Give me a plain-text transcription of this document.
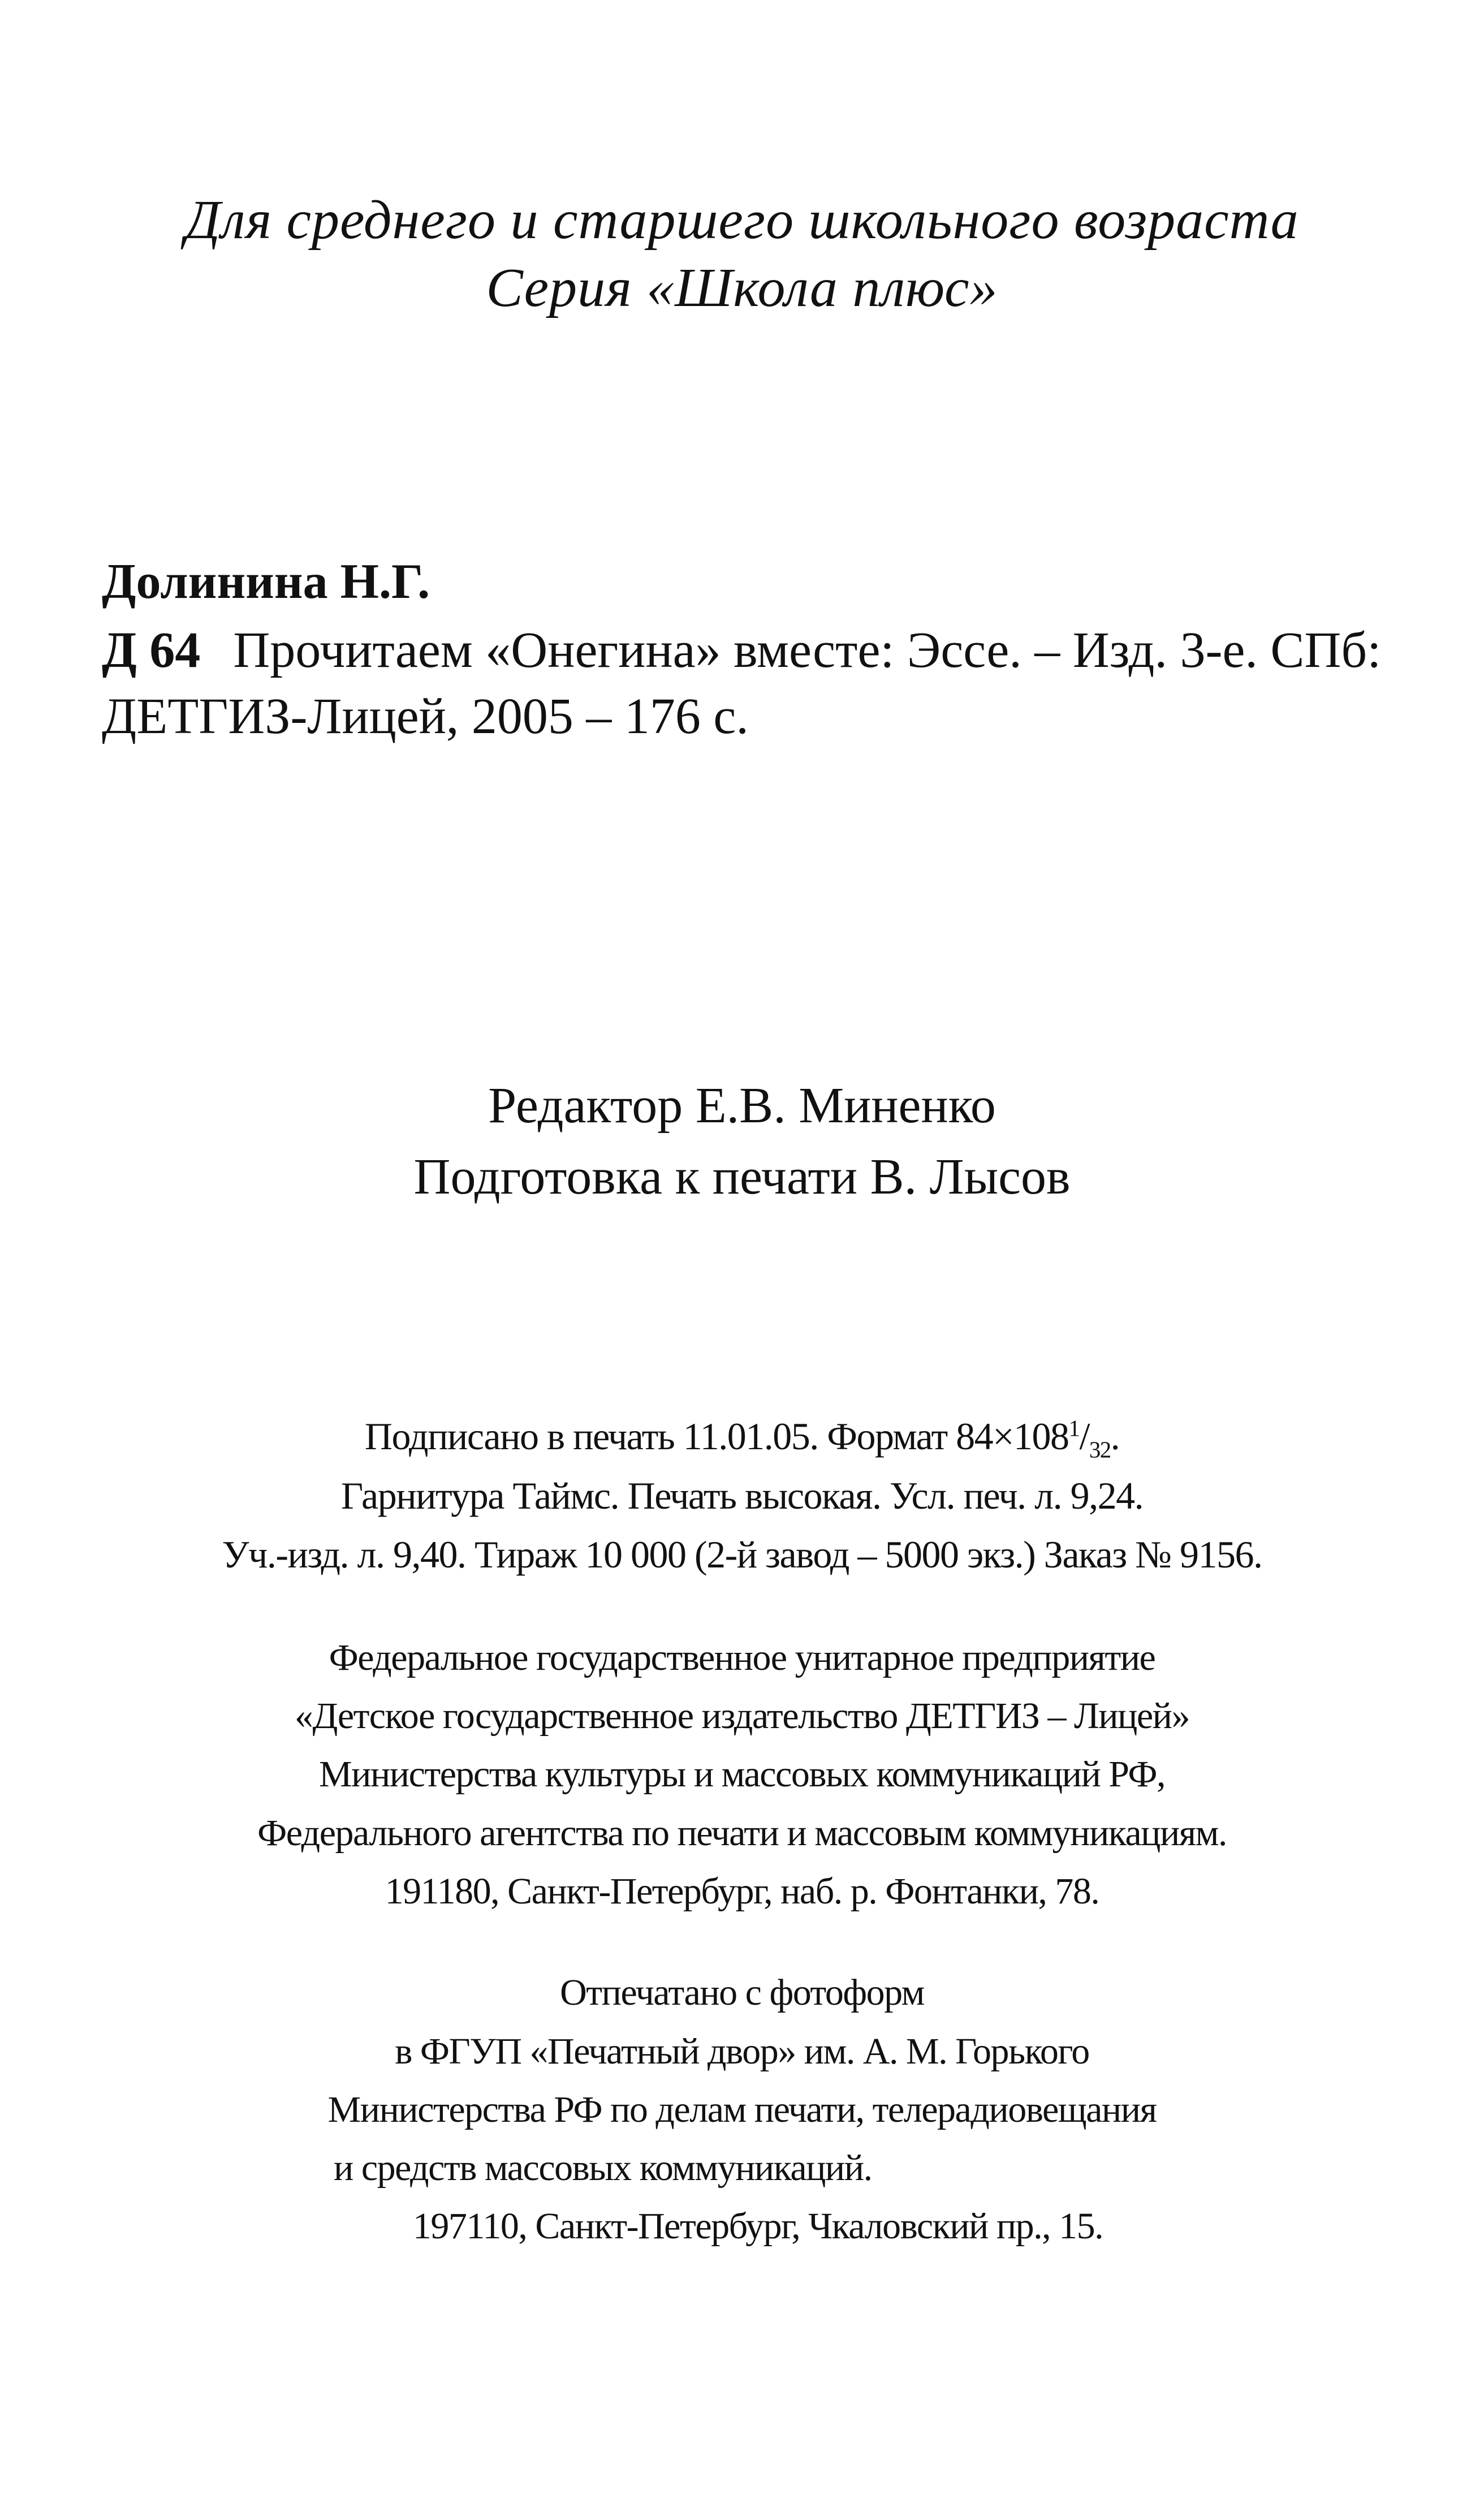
Для среднего и старшего школьного возраста
Серия «Школа плюс»
Долинина Н.Г.
Д 64 Прочитаем «Онегина» вместе: Эссе. – Изд. 3-е. СПб:
ДЕТГИЗ-Лицей, 2005 – 176 с.
Редактор Е.В. Миненко
Подготовка к печати В. Лысов
Подписано в печать 11.01.05. Формат $84\times 108^1/_{32}$.
Гарнитура Таймс. Печать высокая. Усл. печ. л. 9,24.
Уч.-изд. л. 9,40. Тираж 10 000 (2-й завод – 5000 экз.) Заказ № 9156.
Федеральное государственное унитарное предприятие
«Детское государственное издательство ДЕТГИЗ – Лицей»
Министерства культуры и массовых коммуникаций РФ,
Федерального агентства по печати и массовым коммуникациям.
191180, Санкт-Петербург, наб. р. Фонтанки, 78.
Отпечатано с фотоформ
в ФГУП «Печатный двор» им. А. М. Горького
Министерства РФ по делам печати, телерадиовещания
и средств массовых коммуникаций.
197110, Санкт-Петербург, Чкаловский пр., 15.
